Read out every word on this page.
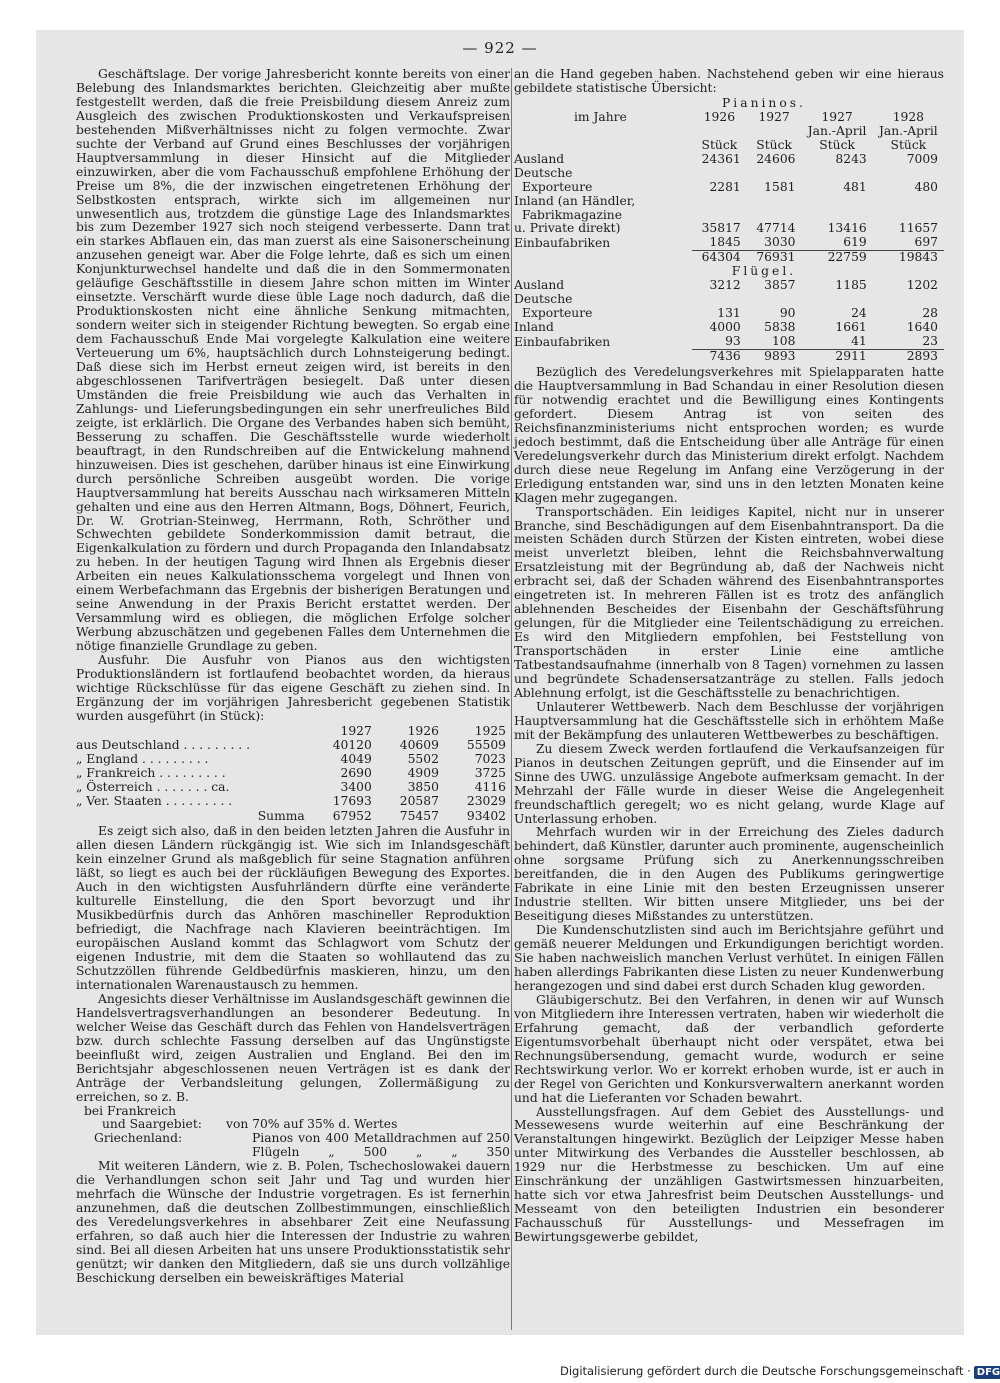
— 922 —

Geschäftslage. Der vorige Jahresbericht konnte bereits von einer Belebung des Inlandsmarktes berichten. Gleichzeitig aber mußte festgestellt werden, daß die freie Preisbildung diesem Anreiz zum Ausgleich des zwischen Produktionskosten und Verkaufspreisen bestehenden Mißverhältnisses nicht zu folgen vermochte. Zwar suchte der Verband auf Grund eines Beschlusses der vorjährigen Hauptversammlung in dieser Hinsicht auf die Mitglieder einzuwirken, aber die vom Fachausschuß empfohlene Erhöhung der Preise um 8%, die der inzwischen eingetretenen Erhöhung der Selbstkosten entsprach, wirkte sich im allgemeinen nur unwesentlich aus, trotzdem die günstige Lage des Inlandsmarktes bis zum Dezember 1927 sich noch steigend verbesserte. Dann trat ein starkes Abflauen ein, das man zuerst als eine Saisonerscheinung anzusehen geneigt war. Aber die Folge lehrte, daß es sich um einen Konjunkturwechsel handelte und daß die in den Sommermonaten geläufige Geschäftsstille in diesem Jahre schon mitten im Winter einsetzte. Verschärft wurde diese üble Lage noch dadurch, daß die Produktionskosten nicht eine ähnliche Senkung mitmachten, sondern weiter sich in steigender Richtung bewegten. So ergab eine dem Fachausschuß Ende Mai vorgelegte Kalkulation eine weitere Verteuerung um 6%, hauptsächlich durch Lohnsteigerung bedingt. Daß diese sich im Herbst erneut zeigen wird, ist bereits in den abgeschlossenen Tarifverträgen besiegelt. Daß unter diesen Umständen die freie Preisbildung wie auch das Verhalten in Zahlungs- und Lieferungsbedingungen ein sehr unerfreuliches Bild zeigte, ist erklärlich. Die Organe des Verbandes haben sich bemüht, Besserung zu schaffen. Die Geschäftsstelle wurde wiederholt beauftragt, in den Rundschreiben auf die Entwickelung mahnend hinzuweisen. Dies ist geschehen, darüber hinaus ist eine Einwirkung durch persönliche Schreiben ausgeübt worden. Die vorige Hauptversammlung hat bereits Ausschau nach wirksameren Mitteln gehalten und eine aus den Herren Altmann, Bogs, Döhnert, Feurich, Dr. W. Grotrian-Steinweg, Herrmann, Roth, Schröther und Schwechten gebildete Sonderkommission damit betraut, die Eigenkalkulation zu fördern und durch Propaganda den Inlandabsatz zu heben. In der heutigen Tagung wird Ihnen als Ergebnis dieser Arbeiten ein neues Kalkulationsschema vorgelegt und Ihnen von einem Werbefachmann das Ergebnis der bisherigen Beratungen und seine Anwendung in der Praxis Bericht erstattet werden. Der Versammlung wird es obliegen, die möglichen Erfolge solcher Werbung abzuschätzen und gegebenen Falles dem Unternehmen die nötige finanzielle Grundlage zu geben.

Ausfuhr. Die Ausfuhr von Pianos aus den wichtigsten Produktionsländern ist fortlaufend beobachtet worden, da hieraus wichtige Rückschlüsse für das eigene Geschäft zu ziehen sind. In Ergänzung der im vorjährigen Jahresbericht gegebenen Statistik wurden ausgeführt (in Stück):

	1927	1926	1925
aus Deutschland . . . . . . . . .	40120	40609	55509
„ England . . . . . . . . .	4049	5502	7023
„ Frankreich . . . . . . . . .	2690	4909	3725
„ Österreich . . . . . . . ca.	3400	3850	4116
„ Ver. Staaten . . . . . . . . .	17693	20587	23029
Summa	67952	75457	93402

Es zeigt sich also, daß in den beiden letzten Jahren die Ausfuhr in allen diesen Ländern rückgängig ist. Wie sich im Inlandsgeschäft kein einzelner Grund als maßgeblich für seine Stagnation anführen läßt, so liegt es auch bei der rückläufigen Bewegung des Exportes. Auch in den wichtigsten Ausfuhrländern dürfte eine veränderte kulturelle Einstellung, die den Sport bevorzugt und ihr Musikbedürfnis durch das Anhören maschineller Reproduktion befriedigt, die Nachfrage nach Klavieren beeinträchtigen. Im europäischen Ausland kommt das Schlagwort vom Schutz der eigenen Industrie, mit dem die Staaten so wohllautend das zu Schutzzöllen führende Geldbedürfnis maskieren, hinzu, um den internationalen Warenaustausch zu hemmen.

Angesichts dieser Verhältnisse im Auslandsgeschäft gewinnen die Handelsvertragsverhandlungen an besonderer Bedeutung. In welcher Weise das Geschäft durch das Fehlen von Handelsverträgen bzw. durch schlechte Fassung derselben auf das Ungünstigste beeinflußt wird, zeigen Australien und England. Bei den im Berichtsjahr abgeschlossenen neuen Verträgen ist es dank der Anträge der Verbandsleitung gelungen, Zollermäßigung zu erreichen, so z. B.

bei Frankreich	
und Saargebiet:	von 70% auf 35% d. Wertes
Griechenland:	Pianos von 400 Metalldrachmen auf 250
	Flügeln „ 500 „ „ 350

Mit weiteren Ländern, wie z. B. Polen, Tschechoslowakei dauern die Verhandlungen schon seit Jahr und Tag und wurden hier mehrfach die Wünsche der Industrie vorgetragen. Es ist fernerhin anzunehmen, daß die deutschen Zollbestimmungen, einschließlich des Veredelungsverkehres in absehbarer Zeit eine Neufassung erfahren, so daß auch hier die Interessen der Industrie zu wahren sind. Bei all diesen Arbeiten hat uns unsere Produktionsstatistik sehr genützt; wir danken den Mitgliedern, daß sie uns durch vollzählige Beschickung derselben ein beweiskräftiges Material

an die Hand gegeben haben. Nachstehend geben wir eine hieraus gebildete statistische Übersicht:

Pianinos.				
im Jahre	1926	1927	1927	1928
			Jan.-April	Jan.-April
	Stück	Stück	Stück	Stück
Ausland	24361	24606	8243	7009
Deutsche				
Exporteure	2281	1581	481	480
Inland (an Händler,				
Fabrikmagazine				
u. Private direkt)	35817	47714	13416	11657
Einbaufabriken	1845	3030	619	697
	64304	76931	22759	19843
Flügel.				
Ausland	3212	3857	1185	1202
Deutsche				
Exporteure	131	90	24	28
Inland	4000	5838	1661	1640
Einbaufabriken	93	108	41	23
	7436	9893	2911	2893

Bezüglich des Veredelungsverkehres mit Spielapparaten hatte die Hauptversammlung in Bad Schandau in einer Resolution diesen für notwendig erachtet und die Bewilligung eines Kontingents gefordert. Diesem Antrag ist von seiten des Reichsfinanzministeriums nicht entsprochen worden; es wurde jedoch bestimmt, daß die Entscheidung über alle Anträge für einen Veredelungsverkehr durch das Ministerium direkt erfolgt. Nachdem durch diese neue Regelung im Anfang eine Verzögerung in der Erledigung entstanden war, sind uns in den letzten Monaten keine Klagen mehr zugegangen.

Transportschäden. Ein leidiges Kapitel, nicht nur in unserer Branche, sind Beschädigungen auf dem Eisenbahntransport. Da die meisten Schäden durch Stürzen der Kisten eintreten, wobei diese meist unverletzt bleiben, lehnt die Reichsbahnverwaltung Ersatzleistung mit der Begründung ab, daß der Nachweis nicht erbracht sei, daß der Schaden während des Eisenbahntransportes eingetreten ist. In mehreren Fällen ist es trotz des anfänglich ablehnenden Bescheides der Eisenbahn der Geschäftsführung gelungen, für die Mitglieder eine Teilentschädigung zu erreichen. Es wird den Mitgliedern empfohlen, bei Feststellung von Transportschäden in erster Linie eine amtliche Tatbestandsaufnahme (innerhalb von 8 Tagen) vornehmen zu lassen und begründete Schadensersatzanträge zu stellen. Falls jedoch Ablehnung erfolgt, ist die Geschäftsstelle zu benachrichtigen.

Unlauterer Wettbewerb. Nach dem Beschlusse der vorjährigen Hauptversammlung hat die Geschäftsstelle sich in erhöhtem Maße mit der Bekämpfung des unlauteren Wettbewerbes zu beschäftigen.

Zu diesem Zweck werden fortlaufend die Verkaufsanzeigen für Pianos in deutschen Zeitungen geprüft, und die Einsender auf im Sinne des UWG. unzulässige Angebote aufmerksam gemacht. In der Mehrzahl der Fälle wurde in dieser Weise die Angelegenheit freundschaftlich geregelt; wo es nicht gelang, wurde Klage auf Unterlassung erhoben.

Mehrfach wurden wir in der Erreichung des Zieles dadurch behindert, daß Künstler, darunter auch prominente, augenscheinlich ohne sorgsame Prüfung sich zu Anerkennungsschreiben bereitfanden, die in den Augen des Publikums geringwertige Fabrikate in eine Linie mit den besten Erzeugnissen unserer Industrie stellten. Wir bitten unsere Mitglieder, uns bei der Beseitigung dieses Mißstandes zu unterstützen.

Die Kundenschutzlisten sind auch im Berichtsjahre geführt und gemäß neuerer Meldungen und Erkundigungen berichtigt worden. Sie haben nachweislich manchen Verlust verhütet. In einigen Fällen haben allerdings Fabrikanten diese Listen zu neuer Kundenwerbung herangezogen und sind dabei erst durch Schaden klug geworden.

Gläubigerschutz. Bei den Verfahren, in denen wir auf Wunsch von Mitgliedern ihre Interessen vertraten, haben wir wiederholt die Erfahrung gemacht, daß der verbandlich geforderte Eigentumsvorbehalt überhaupt nicht oder verspätet, etwa bei Rechnungsübersendung, gemacht wurde, wodurch er seine Rechtswirkung verlor. Wo er korrekt erhoben wurde, ist er auch in der Regel von Gerichten und Konkursverwaltern anerkannt worden und hat die Lieferanten vor Schaden bewahrt.

Ausstellungsfragen. Auf dem Gebiet des Ausstellungs- und Messewesens wurde weiterhin auf eine Beschränkung der Veranstaltungen hingewirkt. Bezüglich der Leipziger Messe haben unter Mitwirkung des Verbandes die Aussteller beschlossen, ab 1929 nur die Herbstmesse zu beschicken. Um auf eine Einschränkung der unzähligen Gastwirtsmessen hinzuarbeiten, hatte sich vor etwa Jahresfrist beim Deutschen Ausstellungs- und Messeamt von den beteiligten Industrien ein besonderer Fachausschuß für Ausstellungs- und Messefragen im Bewirtungsgewerbe gebildet,

Digitalisierung gefördert durch die Deutsche Forschungsgemeinschaft · DFG
